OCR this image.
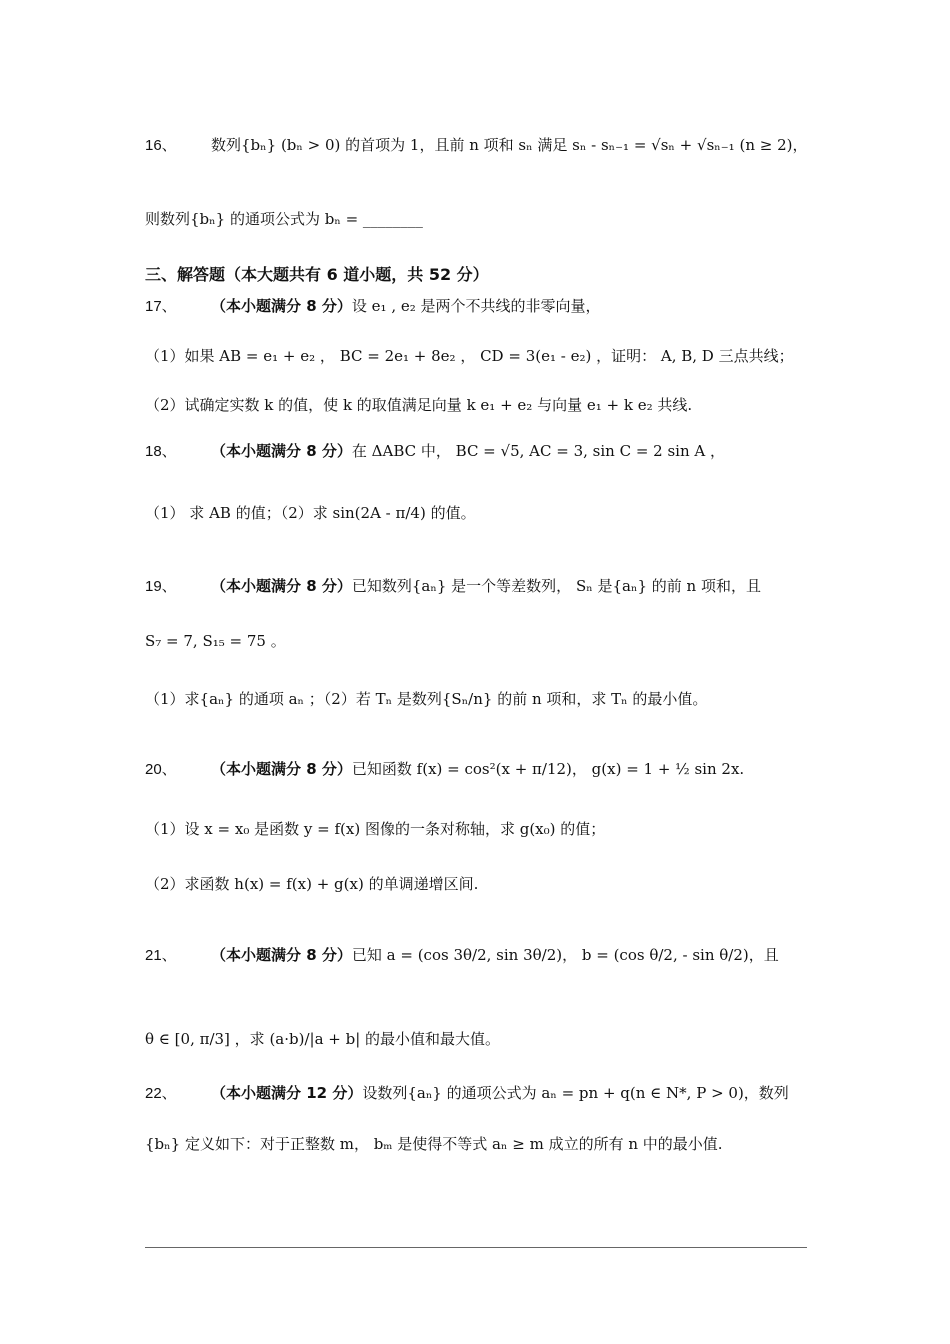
16、 数列{bₙ} (bₙ > 0) 的首项为 1，且前 n 项和 sₙ 满足 sₙ - sₙ₋₁ = √sₙ + √sₙ₋₁ (n ≥ 2)，
则数列{bₙ} 的通项公式为 bₙ = ________
三、解答题（本大题共有 6 道小题，共 52 分）
17、 （本小题满分 8 分）设 e₁ , e₂ 是两个不共线的非零向量，
（1）如果 AB = e₁ + e₂ ， BC = 2e₁ + 8e₂ ， CD = 3(e₁ - e₂) ，证明： A, B, D 三点共线；
（2）试确定实数 k 的值，使 k 的取值满足向量 k e₁ + e₂ 与向量 e₁ + k e₂ 共线.
18、 （本小题满分 8 分）在 ΔABC 中， BC = √5, AC = 3, sin C = 2 sin A ，
（1） 求 AB 的值；（2）求 sin(2A - π/4) 的值。
19、 （本小题满分 8 分）已知数列{aₙ} 是一个等差数列， Sₙ 是{aₙ} 的前 n 项和，且
S₇ = 7, S₁₅ = 75 。
（1）求{aₙ} 的通项 aₙ ；（2）若 Tₙ 是数列{Sₙ/n} 的前 n 项和，求 Tₙ 的最小值。
20、 （本小题满分 8 分）已知函数 f(x) = cos²(x + π/12)， g(x) = 1 + ½ sin 2x.
（1）设 x = x₀ 是函数 y = f(x) 图像的一条对称轴，求 g(x₀) 的值；
（2）求函数 h(x) = f(x) + g(x) 的单调递增区间.
21、 （本小题满分 8 分）已知 a = (cos 3θ/2, sin 3θ/2)， b = (cos θ/2, - sin θ/2)，且
θ ∈ [0, π/3] ，求 (a·b)/|a + b| 的最小值和最大值。
22、 （本小题满分 12 分）设数列{aₙ} 的通项公式为 aₙ = pn + q(n ∈ N*, P > 0)，数列
{bₙ} 定义如下：对于正整数 m， bₘ 是使得不等式 aₙ ≥ m 成立的所有 n 中的最小值.
